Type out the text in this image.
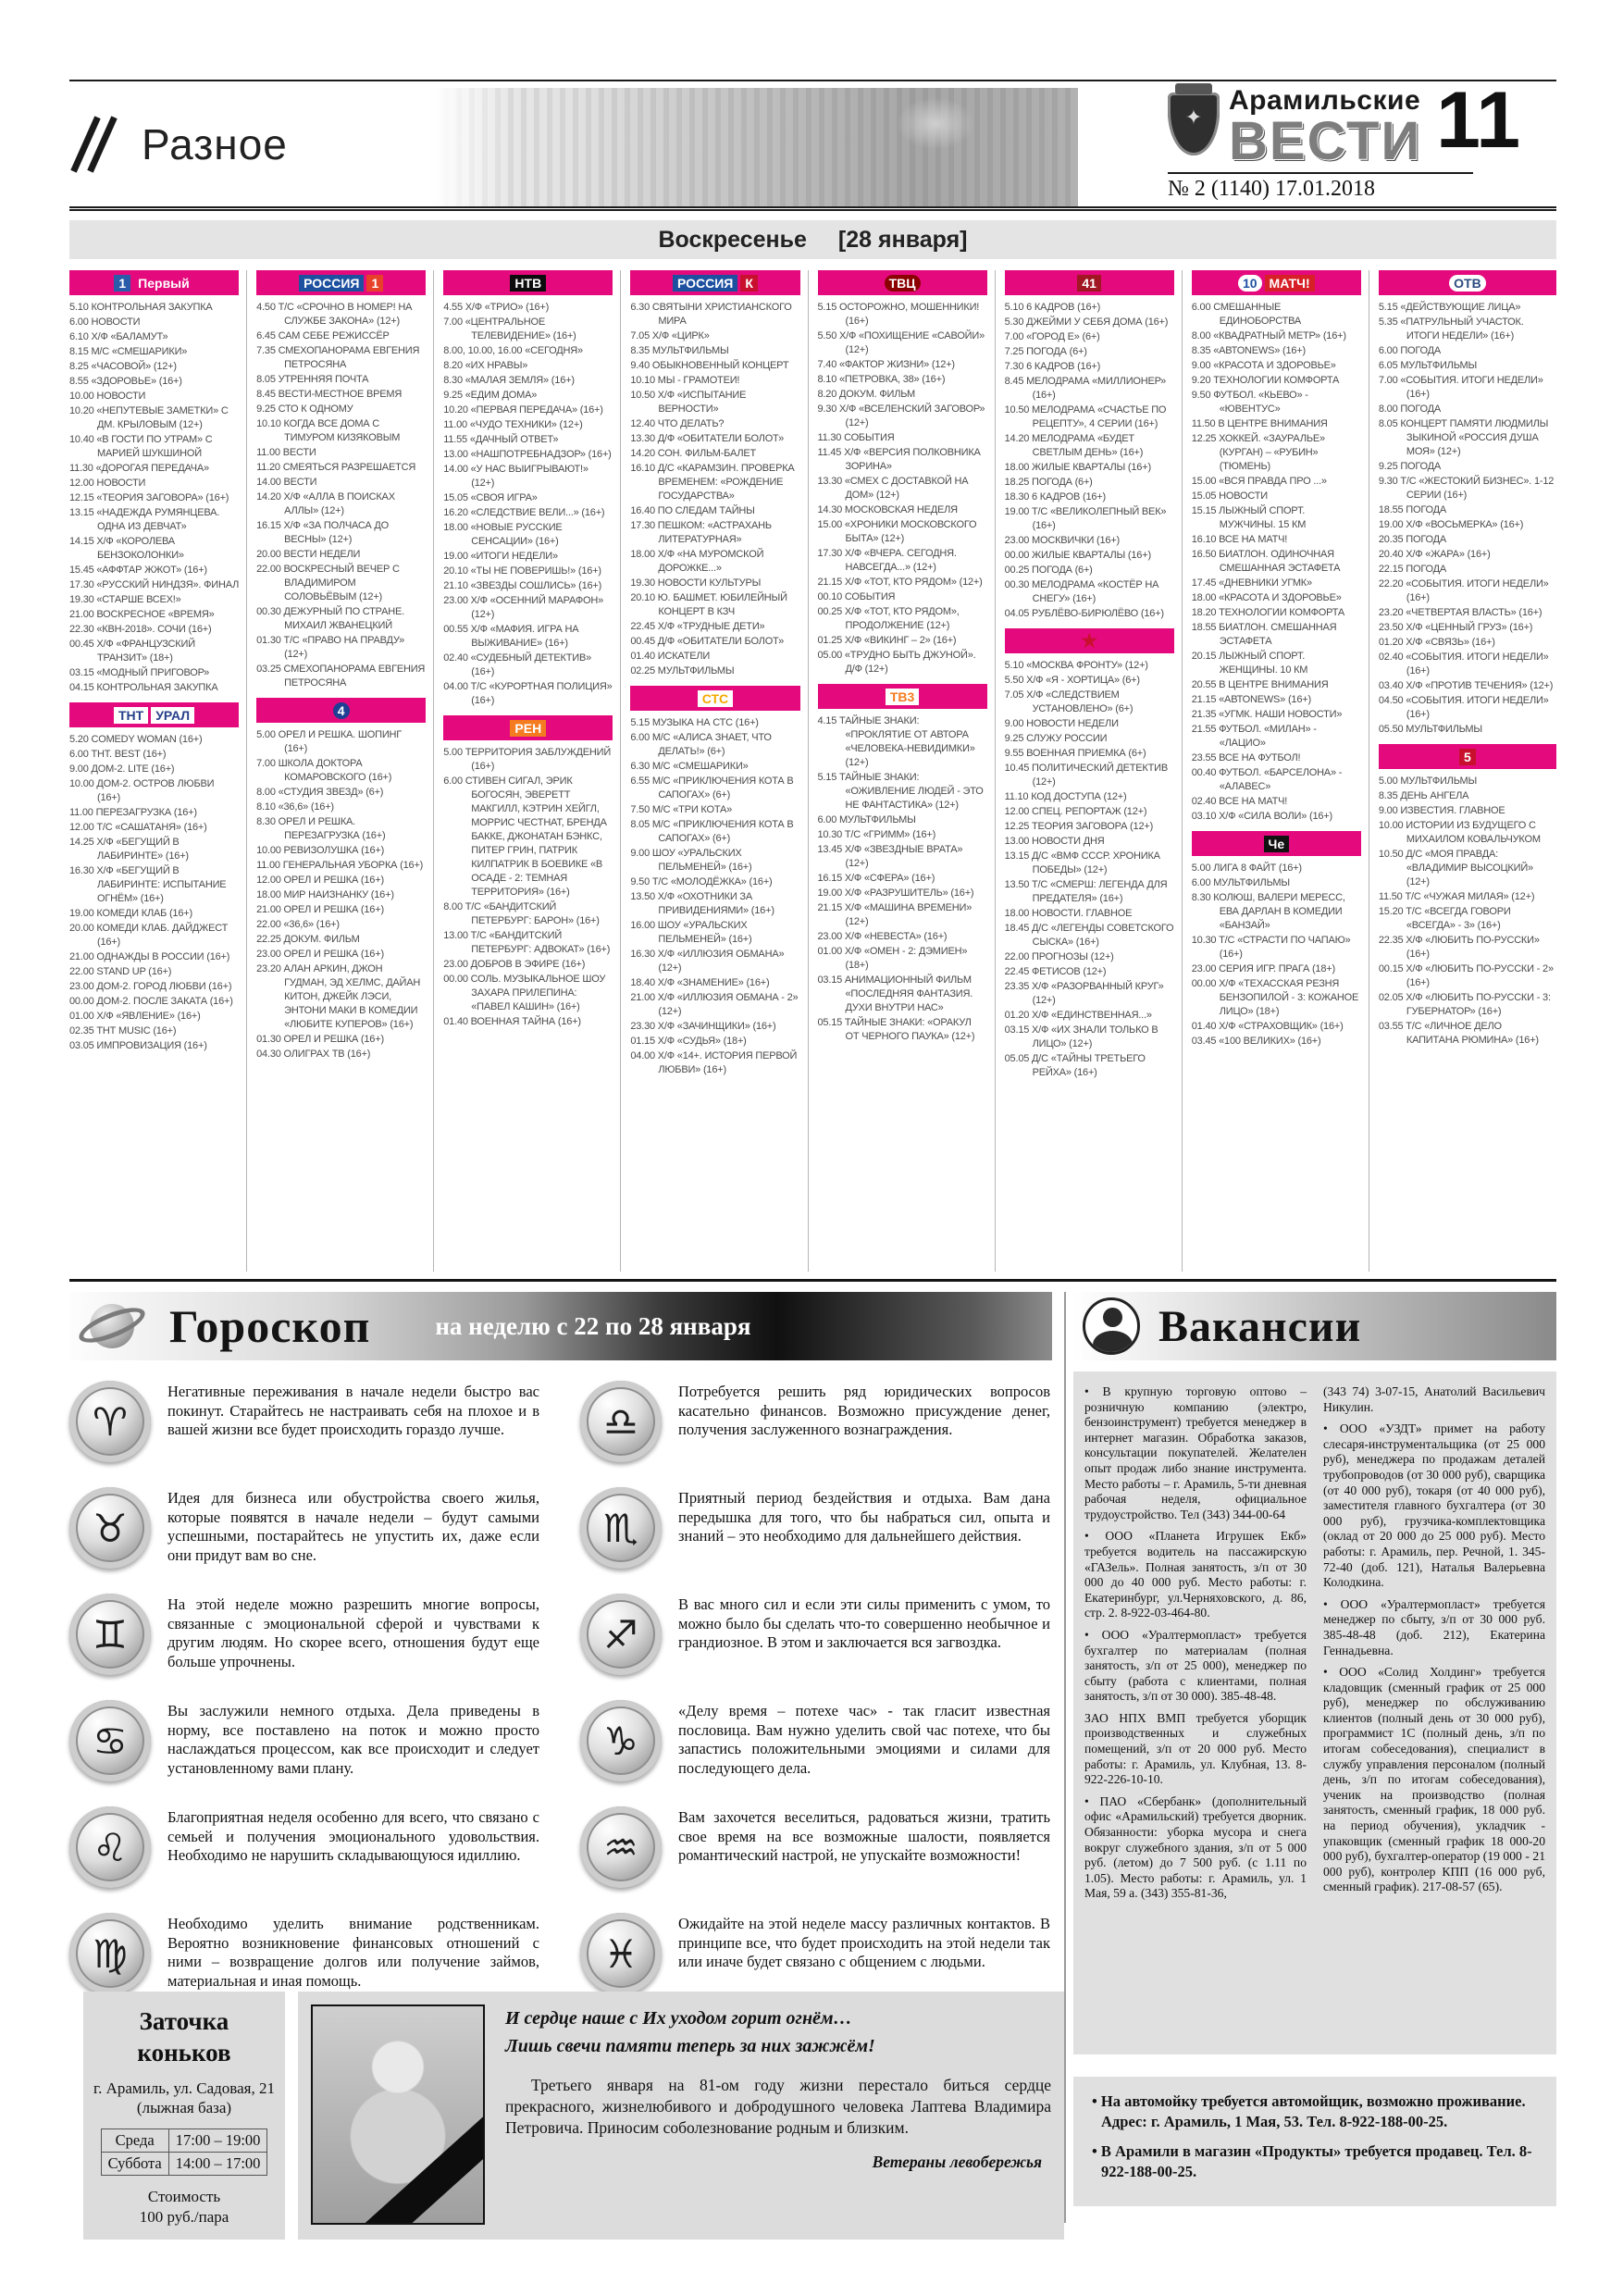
Разное
✦
Арамильские
ВЕСТИ 11
№ 2 (1140) 17.01.2018
Воскресенье [28 января]
1 Первый
5.10 КОНТРОЛЬНАЯ ЗАКУПКА
6.00 НОВОСТИ
6.10 Х/Ф «БАЛАМУТ»
8.15 М/С «СМЕШАРИКИ»
8.25 «ЧАСОВОЙ» (12+)
8.55 «ЗДОРОВЬЕ» (16+)
10.00 НОВОСТИ
10.20 «НЕПУТЕВЫЕ ЗАМЕТКИ» С ДМ. КРЫЛОВЫМ (12+)
10.40 «В ГОСТИ ПО УТРАМ» С МАРИЕЙ ШУКШИНОЙ
11.30 «ДОРОГАЯ ПЕРЕДАЧА»
12.00 НОВОСТИ
12.15 «ТЕОРИЯ ЗАГОВОРА» (16+)
13.15 «НАДЕЖДА РУМЯНЦЕВА. ОДНА ИЗ ДЕВЧАТ»
14.15 Х/Ф «КОРОЛЕВА БЕНЗОКОЛОНКИ»
15.45 «АФФТАР ЖЖОТ» (16+)
17.30 «РУССКИЙ НИНДЗЯ». ФИНАЛ
19.30 «СТАРШЕ ВСЕХ!»
21.00 ВОСКРЕСНОЕ «ВРЕМЯ»
22.30 «КВН-2018». СОЧИ (16+)
00.45 Х/Ф «ФРАНЦУЗСКИЙ ТРАНЗИТ» (18+)
03.15 «МОДНЫЙ ПРИГОВОР»
04.15 КОНТРОЛЬНАЯ ЗАКУПКА
ТНТ УРАЛ
5.20 COMEDY WOMAN (16+)
6.00 ТНТ. BEST (16+)
9.00 ДОМ-2. LITE (16+)
10.00 ДОМ-2. ОСТРОВ ЛЮБВИ (16+)
11.00 ПЕРЕЗАГРУЗКА (16+)
12.00 Т/С «САШАТАНЯ» (16+)
14.25 Х/Ф «БЕГУЩИЙ В ЛАБИРИНТЕ» (16+)
16.30 Х/Ф «БЕГУЩИЙ В ЛАБИРИНТЕ: ИСПЫТАНИЕ ОГНЁМ» (16+)
19.00 КОМЕДИ КЛАБ (16+)
20.00 КОМЕДИ КЛАБ. ДАЙДЖЕСТ (16+)
21.00 ОДНАЖДЫ В РОССИИ (16+)
22.00 STAND UP (16+)
23.00 ДОМ-2. ГОРОД ЛЮБВИ (16+)
00.00 ДОМ-2. ПОСЛЕ ЗАКАТА (16+)
01.00 Х/Ф «ЯВЛЕНИЕ» (16+)
02.35 ТНТ MUSIC (16+)
03.05 ИМПРОВИЗАЦИЯ (16+)
РОССИЯ 1
4.50 Т/С «СРОЧНО В НОМЕР! НА СЛУЖБЕ ЗАКОНА» (12+)
6.45 САМ СЕБЕ РЕЖИССЁР
7.35 СМЕХОПАНОРАМА ЕВГЕНИЯ ПЕТРОСЯНА
8.05 УТРЕННЯЯ ПОЧТА
8.45 ВЕСТИ-МЕСТНОЕ ВРЕМЯ
9.25 СТО К ОДНОМУ
10.10 КОГДА ВСЕ ДОМА С ТИМУРОМ КИЗЯКОВЫМ
11.00 ВЕСТИ
11.20 СМЕЯТЬСЯ РАЗРЕШАЕТСЯ
14.00 ВЕСТИ
14.20 Х/Ф «АЛЛА В ПОИСКАХ АЛЛЫ» (12+)
16.15 Х/Ф «ЗА ПОЛЧАСА ДО ВЕСНЫ» (12+)
20.00 ВЕСТИ НЕДЕЛИ
22.00 ВОСКРЕСНЫЙ ВЕЧЕР С ВЛАДИМИРОМ СОЛОВЬЁВЫМ (12+)
00.30 ДЕЖУРНЫЙ ПО СТРАНЕ. МИХАИЛ ЖВАНЕЦКИЙ
01.30 Т/С «ПРАВО НА ПРАВДУ» (12+)
03.25 СМЕХОПАНОРАМА ЕВГЕНИЯ ПЕТРОСЯНА
4
5.00 ОРЕЛ И РЕШКА. ШОПИНГ (16+)
7.00 ШКОЛА ДОКТОРА КОМАРОВСКОГО (16+)
8.00 «СТУДИЯ ЗВЕЗД» (6+)
8.10 «36,6» (16+)
8.30 ОРЕЛ И РЕШКА. ПЕРЕЗАГРУЗКА (16+)
10.00 РЕВИЗОЛУШКА (16+)
11.00 ГЕНЕРАЛЬНАЯ УБОРКА (16+)
12.00 ОРЕЛ И РЕШКА (16+)
18.00 МИР НАИЗНАНКУ (16+)
21.00 ОРЕЛ И РЕШКА (16+)
22.00 «36,6» (16+)
22.25 ДОКУМ. ФИЛЬМ
23.00 ОРЕЛ И РЕШКА (16+)
23.20 АЛАН АРКИН, ДЖОН ГУДМАН, ЭД ХЕЛМС, ДАЙАН КИТОН, ДЖЕЙК ЛЭСИ, ЭНТОНИ МАКИ В КОМЕДИИ «ЛЮБИТЕ КУПЕРОВ» (16+)
01.30 ОРЕЛ И РЕШКА (16+)
04.30 ОЛИГРАХ ТВ (16+)
НТВ
4.55 Х/Ф «ТРИО» (16+)
7.00 «ЦЕНТРАЛЬНОЕ ТЕЛЕВИДЕНИЕ» (16+)
8.00, 10.00, 16.00 «СЕГОДНЯ»
8.20 «ИХ НРАВЫ»
8.30 «МАЛАЯ ЗЕМЛЯ» (16+)
9.25 «ЕДИМ ДОМА»
10.20 «ПЕРВАЯ ПЕРЕДАЧА» (16+)
11.00 «ЧУДО ТЕХНИКИ» (12+)
11.55 «ДАЧНЫЙ ОТВЕТ»
13.00 «НАШПОТРЕБНАДЗОР» (16+)
14.00 «У НАС ВЫИГРЫВАЮТ!» (12+)
15.05 «СВОЯ ИГРА»
16.20 «СЛЕДСТВИЕ ВЕЛИ...» (16+)
18.00 «НОВЫЕ РУССКИЕ СЕНСАЦИИ» (16+)
19.00 «ИТОГИ НЕДЕЛИ»
20.10 «ТЫ НЕ ПОВЕРИШЬ!» (16+)
21.10 «ЗВЕЗДЫ СОШЛИСЬ» (16+)
23.00 Х/Ф «ОСЕННИЙ МАРАФОН» (12+)
00.55 Х/Ф «МАФИЯ. ИГРА НА ВЫЖИВАНИЕ» (16+)
02.40 «СУДЕБНЫЙ ДЕТЕКТИВ» (16+)
04.00 Т/С «КУРОРТНАЯ ПОЛИЦИЯ» (16+)
РЕН
5.00 ТЕРРИТОРИЯ ЗАБЛУЖДЕНИЙ (16+)
6.00 СТИВЕН СИГАЛ, ЭРИК БОГОСЯН, ЭВЕРЕТТ МАКГИЛЛ, КЭТРИН ХЕЙГЛ, МОРРИС ЧЕСТНАТ, БРЕНДА БАККЕ, ДЖОНАТАН БЭНКС, ПИТЕР ГРИН, ПАТРИК КИЛПАТРИК В БОЕВИКЕ «В ОСАДЕ - 2: ТЕМНАЯ ТЕРРИТОРИЯ» (16+)
8.00 Т/С «БАНДИТСКИЙ ПЕТЕРБУРГ: БАРОН» (16+)
13.00 Т/С «БАНДИТСКИЙ ПЕТЕРБУРГ: АДВОКАТ» (16+)
23.00 ДОБРОВ В ЭФИРЕ (16+)
00.00 СОЛЬ. МУЗЫКАЛЬНОЕ ШОУ ЗАХАРА ПРИЛЕПИНА: «ПАВЕЛ КАШИН» (16+)
01.40 ВОЕННАЯ ТАЙНА (16+)
РОССИЯ К
6.30 СВЯТЫНИ ХРИСТИАНСКОГО МИРА
7.05 Х/Ф «ЦИРК»
8.35 МУЛЬТФИЛЬМЫ
9.40 ОБЫКНОВЕННЫЙ КОНЦЕРТ
10.10 МЫ - ГРАМОТЕИ!
10.50 Х/Ф «ИСПЫТАНИЕ ВЕРНОСТИ»
12.40 ЧТО ДЕЛАТЬ?
13.30 Д/Ф «ОБИТАТЕЛИ БОЛОТ»
14.20 СОН. ФИЛЬМ-БАЛЕТ
16.10 Д/С «КАРАМЗИН. ПРОВЕРКА ВРЕМЕНЕМ: «РОЖДЕНИЕ ГОСУДАРСТВА»
16.40 ПО СЛЕДАМ ТАЙНЫ
17.30 ПЕШКОМ: «АСТРАХАНЬ ЛИТЕРАТУРНАЯ»
18.00 Х/Ф «НА МУРОМСКОЙ ДОРОЖКЕ...»
19.30 НОВОСТИ КУЛЬТУРЫ
20.10 Ю. БАШМЕТ. ЮБИЛЕЙНЫЙ КОНЦЕРТ В КЗЧ
22.45 Х/Ф «ТРУДНЫЕ ДЕТИ»
00.45 Д/Ф «ОБИТАТЕЛИ БОЛОТ»
01.40 ИСКАТЕЛИ
02.25 МУЛЬТФИЛЬМЫ
СТС
5.15 МУЗЫКА НА СТС (16+)
6.00 М/С «АЛИСА ЗНАЕТ, ЧТО ДЕЛАТЬ!» (6+)
6.30 М/С «СМЕШАРИКИ»
6.55 М/С «ПРИКЛЮЧЕНИЯ КОТА В САПОГАХ» (6+)
7.50 М/С «ТРИ КОТА»
8.05 М/С «ПРИКЛЮЧЕНИЯ КОТА В САПОГАХ» (6+)
9.00 ШОУ «УРАЛЬСКИХ ПЕЛЬМЕНЕЙ» (16+)
9.50 Т/С «МОЛОДЁЖКА» (16+)
13.50 Х/Ф «ОХОТНИКИ ЗА ПРИВИДЕНИЯМИ» (16+)
16.00 ШОУ «УРАЛЬСКИХ ПЕЛЬМЕНЕЙ» (16+)
16.30 Х/Ф «ИЛЛЮЗИЯ ОБМАНА» (12+)
18.40 Х/Ф «ЗНАМЕНИЕ» (16+)
21.00 Х/Ф «ИЛЛЮЗИЯ ОБМАНА - 2» (12+)
23.30 Х/Ф «ЗАЧИНЩИКИ» (16+)
01.15 Х/Ф «СУДЬЯ» (18+)
04.00 Х/Ф «14+. ИСТОРИЯ ПЕРВОЙ ЛЮБВИ» (16+)
ТВЦ
5.15 ОСТОРОЖНО, МОШЕННИКИ! (16+)
5.50 Х/Ф «ПОХИЩЕНИЕ «САВОЙИ» (12+)
7.40 «ФАКТОР ЖИЗНИ» (12+)
8.10 «ПЕТРОВКА, 38» (16+)
8.20 ДОКУМ. ФИЛЬМ
9.30 Х/Ф «ВСЕЛЕНСКИЙ ЗАГОВОР» (12+)
11.30 СОБЫТИЯ
11.45 Х/Ф «ВЕРСИЯ ПОЛКОВНИКА ЗОРИНА»
13.30 «СМЕХ С ДОСТАВКОЙ НА ДОМ» (12+)
14.30 МОСКОВСКАЯ НЕДЕЛЯ
15.00 «ХРОНИКИ МОСКОВСКОГО БЫТА» (12+)
17.30 Х/Ф «ВЧЕРА. СЕГОДНЯ. НАВСЕГДА...» (12+)
21.15 Х/Ф «ТОТ, КТО РЯДОМ» (12+)
00.10 СОБЫТИЯ
00.25 Х/Ф «ТОТ, КТО РЯДОМ», ПРОДОЛЖЕНИЕ (12+)
01.25 Х/Ф «ВИКИНГ – 2» (16+)
05.00 «ТРУДНО БЫТЬ ДЖУНОЙ». Д/Ф (12+)
ТВ3
4.15 ТАЙНЫЕ ЗНАКИ: «ПРОКЛЯТИЕ ОТ АВТОРА «ЧЕЛОВЕКА-НЕВИДИМКИ» (12+)
5.15 ТАЙНЫЕ ЗНАКИ: «ОЖИВЛЕНИЕ ЛЮДЕЙ - ЭТО НЕ ФАНТАСТИКА» (12+)
6.00 МУЛЬТФИЛЬМЫ
10.30 Т/С «ГРИММ» (16+)
13.45 Х/Ф «ЗВЕЗДНЫЕ ВРАТА» (12+)
16.15 Х/Ф «СФЕРА» (16+)
19.00 Х/Ф «РАЗРУШИТЕЛЬ» (16+)
21.15 Х/Ф «МАШИНА ВРЕМЕНИ» (12+)
23.00 Х/Ф «НЕВЕСТА» (16+)
01.00 Х/Ф «ОМЕН - 2: ДЭМИЕН» (18+)
03.15 АНИМАЦИОННЫЙ ФИЛЬМ «ПОСЛЕДНЯЯ ФАНТАЗИЯ. ДУХИ ВНУТРИ НАС»
05.15 ТАЙНЫЕ ЗНАКИ: «ОРАКУЛ ОТ ЧЕРНОГО ПАУКА» (12+)
41
5.10 6 КАДРОВ (16+)
5.30 ДЖЕЙМИ У СЕБЯ ДОМА (16+)
7.00 «ГОРОД Е» (6+)
7.25 ПОГОДА (6+)
7.30 6 КАДРОВ (16+)
8.45 МЕЛОДРАМА «МИЛЛИОНЕР» (16+)
10.50 МЕЛОДРАМА «СЧАСТЬЕ ПО РЕЦЕПТУ», 4 СЕРИИ (16+)
14.20 МЕЛОДРАМА «БУДЕТ СВЕТЛЫМ ДЕНЬ» (16+)
18.00 ЖИЛЫЕ КВАРТАЛЫ (16+)
18.25 ПОГОДА (6+)
18.30 6 КАДРОВ (16+)
19.00 Т/С «ВЕЛИКОЛЕПНЫЙ ВЕК» (16+)
23.00 МОСКВИЧКИ (16+)
00.00 ЖИЛЫЕ КВАРТАЛЫ (16+)
00.25 ПОГОДА (6+)
00.30 МЕЛОДРАМА «КОСТЁР НА СНЕГУ» (16+)
04.05 РУБЛЁВО-БИРЮЛЁВО (16+)
★
5.10 «МОСКВА ФРОНТУ» (12+)
5.50 Х/Ф «Я - ХОРТИЦА» (6+)
7.05 Х/Ф «СЛЕДСТВИЕМ УСТАНОВЛЕНО» (6+)
9.00 НОВОСТИ НЕДЕЛИ
9.25 СЛУЖУ РОССИИ
9.55 ВОЕННАЯ ПРИЕМКА (6+)
10.45 ПОЛИТИЧЕСКИЙ ДЕТЕКТИВ (12+)
11.10 КОД ДОСТУПА (12+)
12.00 СПЕЦ. РЕПОРТАЖ (12+)
12.25 ТЕОРИЯ ЗАГОВОРА (12+)
13.00 НОВОСТИ ДНЯ
13.15 Д/С «ВМФ СССР. ХРОНИКА ПОБЕДЫ» (12+)
13.50 Т/С «СМЕРШ: ЛЕГЕНДА ДЛЯ ПРЕДАТЕЛЯ» (16+)
18.00 НОВОСТИ. ГЛАВНОЕ
18.45 Д/С «ЛЕГЕНДЫ СОВЕТСКОГО СЫСКА» (16+)
22.00 ПРОГНОЗЫ (12+)
22.45 ФЕТИСОВ (12+)
23.35 Х/Ф «РАЗОРВАННЫЙ КРУГ» (12+)
01.20 Х/Ф «ЕДИНСТВЕННАЯ...»
03.15 Х/Ф «ИХ ЗНАЛИ ТОЛЬКО В ЛИЦО» (12+)
05.05 Д/С «ТАЙНЫ ТРЕТЬЕГО РЕЙХА» (16+)
10 МАТЧ!
6.00 СМЕШАННЫЕ ЕДИНОБОРСТВА
8.00 «КВАДРАТНЫЙ МЕТР» (16+)
8.35 «АВТОNEWS» (16+)
9.00 «КРАСОТА И ЗДОРОВЬЕ»
9.20 ТЕХНОЛОГИИ КОМФОРТА
9.50 ФУТБОЛ. «КЬЕВО» - «ЮВЕНТУС»
11.50 В ЦЕНТРЕ ВНИМАНИЯ
12.25 ХОККЕЙ. «ЗАУРАЛЬЕ» (КУРГАН) – «РУБИН» (ТЮМЕНЬ)
15.00 «ВСЯ ПРАВДА ПРО ...»
15.05 НОВОСТИ
15.15 ЛЫЖНЫЙ СПОРТ. МУЖЧИНЫ. 15 КМ
16.10 ВСЕ НА МАТЧ!
16.50 БИАТЛОН. ОДИНОЧНАЯ СМЕШАННАЯ ЭСТАФЕТА
17.45 «ДНЕВНИКИ УГМК»
18.00 «КРАСОТА И ЗДОРОВЬЕ»
18.20 ТЕХНОЛОГИИ КОМФОРТА
18.55 БИАТЛОН. СМЕШАННАЯ ЭСТАФЕТА
20.15 ЛЫЖНЫЙ СПОРТ. ЖЕНЩИНЫ. 10 КМ
20.55 В ЦЕНТРЕ ВНИМАНИЯ
21.15 «АВТОNEWS» (16+)
21.35 «УГМК. НАШИ НОВОСТИ»
21.55 ФУТБОЛ. «МИЛАН» - «ЛАЦИО»
23.55 ВСЕ НА ФУТБОЛ!
00.40 ФУТБОЛ. «БАРСЕЛОНА» - «АЛАВЕС»
02.40 ВСЕ НА МАТЧ!
03.10 Х/Ф «СИЛА ВОЛИ» (16+)
Че
5.00 ЛИГА 8 ФАЙТ (16+)
6.00 МУЛЬТФИЛЬМЫ
8.30 КОЛЮШ, ВАЛЕРИ МЕРЕСС, ЕВА ДАРЛАН В КОМЕДИИ «БАНЗАЙ»
10.30 Т/С «СТРАСТИ ПО ЧАПАЮ» (16+)
23.00 СЕРИЯ ИГР. ПРАГА (18+)
00.00 Х/Ф «ТЕХАССКАЯ РЕЗНЯ БЕНЗОПИЛОЙ - 3: КОЖАНОЕ ЛИЦО» (18+)
01.40 Х/Ф «СТРАХОВЩИК» (16+)
03.45 «100 ВЕЛИКИХ» (16+)
ОТВ
5.15 «ДЕЙСТВУЮЩИЕ ЛИЦА»
5.35 «ПАТРУЛЬНЫЙ УЧАСТОК. ИТОГИ НЕДЕЛИ» (16+)
6.00 ПОГОДА
6.05 МУЛЬТФИЛЬМЫ
7.00 «СОБЫТИЯ. ИТОГИ НЕДЕЛИ» (16+)
8.00 ПОГОДА
8.05 КОНЦЕРТ ПАМЯТИ ЛЮДМИЛЫ ЗЫКИНОЙ «РОССИЯ ДУША МОЯ» (12+)
9.25 ПОГОДА
9.30 Т/С «ЖЕСТОКИЙ БИЗНЕС». 1-12 СЕРИИ (16+)
18.55 ПОГОДА
19.00 Х/Ф «ВОСЬМЕРКА» (16+)
20.35 ПОГОДА
20.40 Х/Ф «ЖАРА» (16+)
22.15 ПОГОДА
22.20 «СОБЫТИЯ. ИТОГИ НЕДЕЛИ» (16+)
23.20 «ЧЕТВЕРТАЯ ВЛАСТЬ» (16+)
23.50 Х/Ф «ЦЕННЫЙ ГРУЗ» (16+)
01.20 Х/Ф «СВЯЗЬ» (16+)
02.40 «СОБЫТИЯ. ИТОГИ НЕДЕЛИ» (16+)
03.40 Х/Ф «ПРОТИВ ТЕЧЕНИЯ» (12+)
04.50 «СОБЫТИЯ. ИТОГИ НЕДЕЛИ» (16+)
05.50 МУЛЬТФИЛЬМЫ
5
5.00 МУЛЬТФИЛЬМЫ
8.35 ДЕНЬ АНГЕЛА
9.00 ИЗВЕСТИЯ. ГЛАВНОЕ
10.00 ИСТОРИИ ИЗ БУДУЩЕГО С МИХАИЛОМ КОВАЛЬЧУКОМ
10.50 Д/С «МОЯ ПРАВДА: «ВЛАДИМИР ВЫСОЦКИЙ» (12+)
11.50 Т/С «ЧУЖАЯ МИЛАЯ» (12+)
15.20 Т/С «ВСЕГДА ГОВОРИ «ВСЕГДА» - 3» (16+)
22.35 Х/Ф «ЛЮБИТЬ ПО-РУССКИ» (16+)
00.15 Х/Ф «ЛЮБИТЬ ПО-РУССКИ - 2» (16+)
02.05 Х/Ф «ЛЮБИТЬ ПО-РУССКИ - 3: ГУБЕРНАТОР» (16+)
03.55 Т/С «ЛИЧНОЕ ДЕЛО КАПИТАНА РЮМИНА» (16+)
Гороскоп	на неделю с 22 по 28 января
♈
Негативные переживания в начале недели быстро вас покинут. Старайтесь не настраивать себя на плохое и в вашей жизни все будет происходить гораздо лучше.
♉
Идея для бизнеса или обустройства своего жилья, которые появятся в начале недели – будут самыми успешными, постарайтесь не упустить их, даже если они придут вам во сне.
♊
На этой неделе можно разрешить многие вопросы, связанные с эмоциональной сферой и чувствами к другим людям. Но скорее всего, отношения будут еще больше упрочнены.
♋
Вы заслужили немного отдыха. Дела приведены в норму, все поставлено на поток и можно просто наслаждаться процессом, как все происходит и следует установленному вами плану.
♌
Благоприятная неделя особенно для всего, что связано с семьей и получения эмоционального удовольствия. Необходимо не нарушить складывающуюся идиллию.
♍
Необходимо уделить внимание родственникам. Вероятно возникновение финансовых отношений с ними – возвращение долгов или получение займов, материальная и иная помощь.
♎
Потребуется решить ряд юридических вопросов касательно финансов. Возможно присуждение денег, получения заслуженного вознаграждения.
♏
Приятный период бездействия и отдыха. Вам дана передышка для того, что бы набраться сил, опыта и знаний – это необходимо для дальнейшего действия.
♐
В вас много сил и если эти силы применить с умом, то можно было бы сделать что-то совершенно необычное и грандиозное. В этом и заключается вся загвоздка.
♑
«Делу время – потехе час» - так гласит известная пословица. Вам нужно уделить свой час потехе, что бы запастись положительными эмоциями и силами для последующего дела.
♒
Вам захочется веселиться, радоваться жизни, тратить свое время на все возможные шалости, появляется романтический настрой, не упускайте возможности!
♓
Ожидайте на этой неделе массу различных контактов. В принципе все, что будет происходить на этой недели так или иначе будет связано с общением с людьми.
Заточка
коньков
г. Арамиль, ул. Садовая, 21 (лыжная база)
Среда	17:00 – 19:00
Суббота	14:00 – 17:00
Стоимость
100 руб./пара
И сердце наше с Их уходом горит огнём…
Лишь свечи памяти теперь за них зажжём!
Третьего января на 81-ом году жизни перестало биться сердце прекрасного, жизнелюбивого и добродушного человека Лаптева Владимира Петровича. Приносим соболезнование родным и близким.
Ветераны левобережья
Вакансии

• В крупную торговую оптово – розничную компанию (электро, бензоинструмент) требуется менеджер в интернет магазин. Обработка заказов, консультации покупателей. Желателен опыт продаж либо знание инструмента. Место работы – г. Арамиль, 5-ти дневная рабочая неделя, официальное трудоустройство. Тел (343) 344-00-64

• ООО «Планета Игрушек Екб» требуется водитель на пассажирскую «ГАЗель». Полная занятость, з/п от 30 000 до 40 000 руб. Место работы: г. Екатеринбург, ул.Черняховского, д. 86, стр. 2. 8-922-03-464-80.

• ООО «Уралтермопласт» требуется бухгалтер по материалам (полная занятость, з/п от 25 000), менеджер по сбыту (работа с клиентами, полная занятость, з/п от 30 000). 385-48-48.

ЗАО НПХ ВМП требуется уборщик производственных и служебных помещений, з/п от 20 000 руб. Место работы: г. Арамиль, ул. Клубная, 13. 8-922-226-10-10.

• ПАО «Сбербанк» (дополнительный офис «Арамильский) требуется дворник. Обязанности: уборка мусора и снега вокруг служебного здания, з/п от 5 000 руб. (летом) до 7 500 руб. (с 1.11 по 1.05). Место работы: г. Арамиль, ул. 1 Мая, 59 а. (343) 355-81-36,

(343 74) 3-07-15, Анатолий Васильевич Никулин.

• ООО «УЗДТ» примет на работу слесаря-инструментальщика (от 25 000 руб), менеджера по продажам деталей трубопроводов (от 30 000 руб), сварщика (от 40 000 руб), токаря (от 40 000 руб), заместителя главного бухгалтера (от 30 000 руб), грузчика-комплектовщика (оклад от 20 000 до 25 000 руб). Место работы: г. Арамиль, пер. Речной, 1. 345-72-40 (доб. 121), Наталья Валерьевна Колодкина.

• ООО «Уралтермопласт» требуется менеджер по сбыту, з/п от 30 000 руб. 385-48-48 (доб. 212), Екатерина Геннадьевна.

• ООО «Солид Холдинг» требуется кладовщик (сменный график от 25 000 руб), менеджер по обслуживанию клиентов (полный день от 30 000 руб), программист 1С (полный день, з/п по итогам собеседования), специалист в службу управления персоналом (полный день, з/п по итогам собеседования), ученик на производство (полная занятость, сменный график, 18 000 руб. на период обучения), укладчик - упаковщик (сменный график 18 000-20 000 руб), бухгалтер-оператор (19 000 - 21 000 руб), контролер КПП (16 000 руб, сменный график). 217-08-57 (65).

• На автомойку требуется автомойщик, возможно проживание. Адрес: г. Арамиль, 1 Мая, 53. Тел. 8-922-188-00-25.

• В Арамили в магазин «Продукты» требуется продавец. Тел. 8-922-188-00-25.
